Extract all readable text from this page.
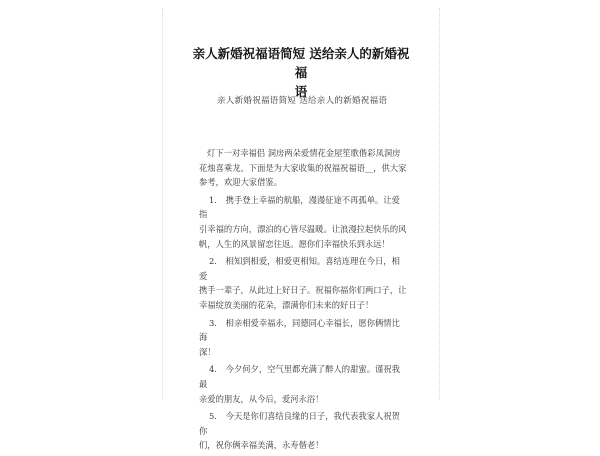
亲人新婚祝福语简短 送给亲人的新婚祝福
语
亲人新婚祝福语简短 送给亲人的新婚祝福语

灯下一对幸福侣 洞房两朵爱情花金屋笙歌偕彩凤洞房
花烛喜乘龙。下面是为大家收集的祝福祝福语__，供大家
参考，欢迎大家借鉴。

1. 携手登上幸福的航船，漫漫征途不再孤单。让爱指
引幸福的方向，漂泊的心皆尽温暖。让浪漫拉起快乐的风
帆，人生的风景留恋往返。愿你们幸福快乐到永远！

2. 相知到相爱，相爱更相知。喜结连理在今日，相爱
携手一辈子，从此过上好日子。祝福你福你们两口子，让
幸福绽放美丽的花朵，漂满你们未来的好日子！

3. 相亲相爱幸福永，同德同心幸福长，愿你俩情比海
深！

4. 今夕何夕，空气里都充满了醉人的甜蜜。谨祝我最
亲爱的朋友，从今后，爱河永浴！

5. 今天是你们喜结良缘的日子，我代表我家人祝贺你
们，祝你俩幸福美满，永寿偕老！
